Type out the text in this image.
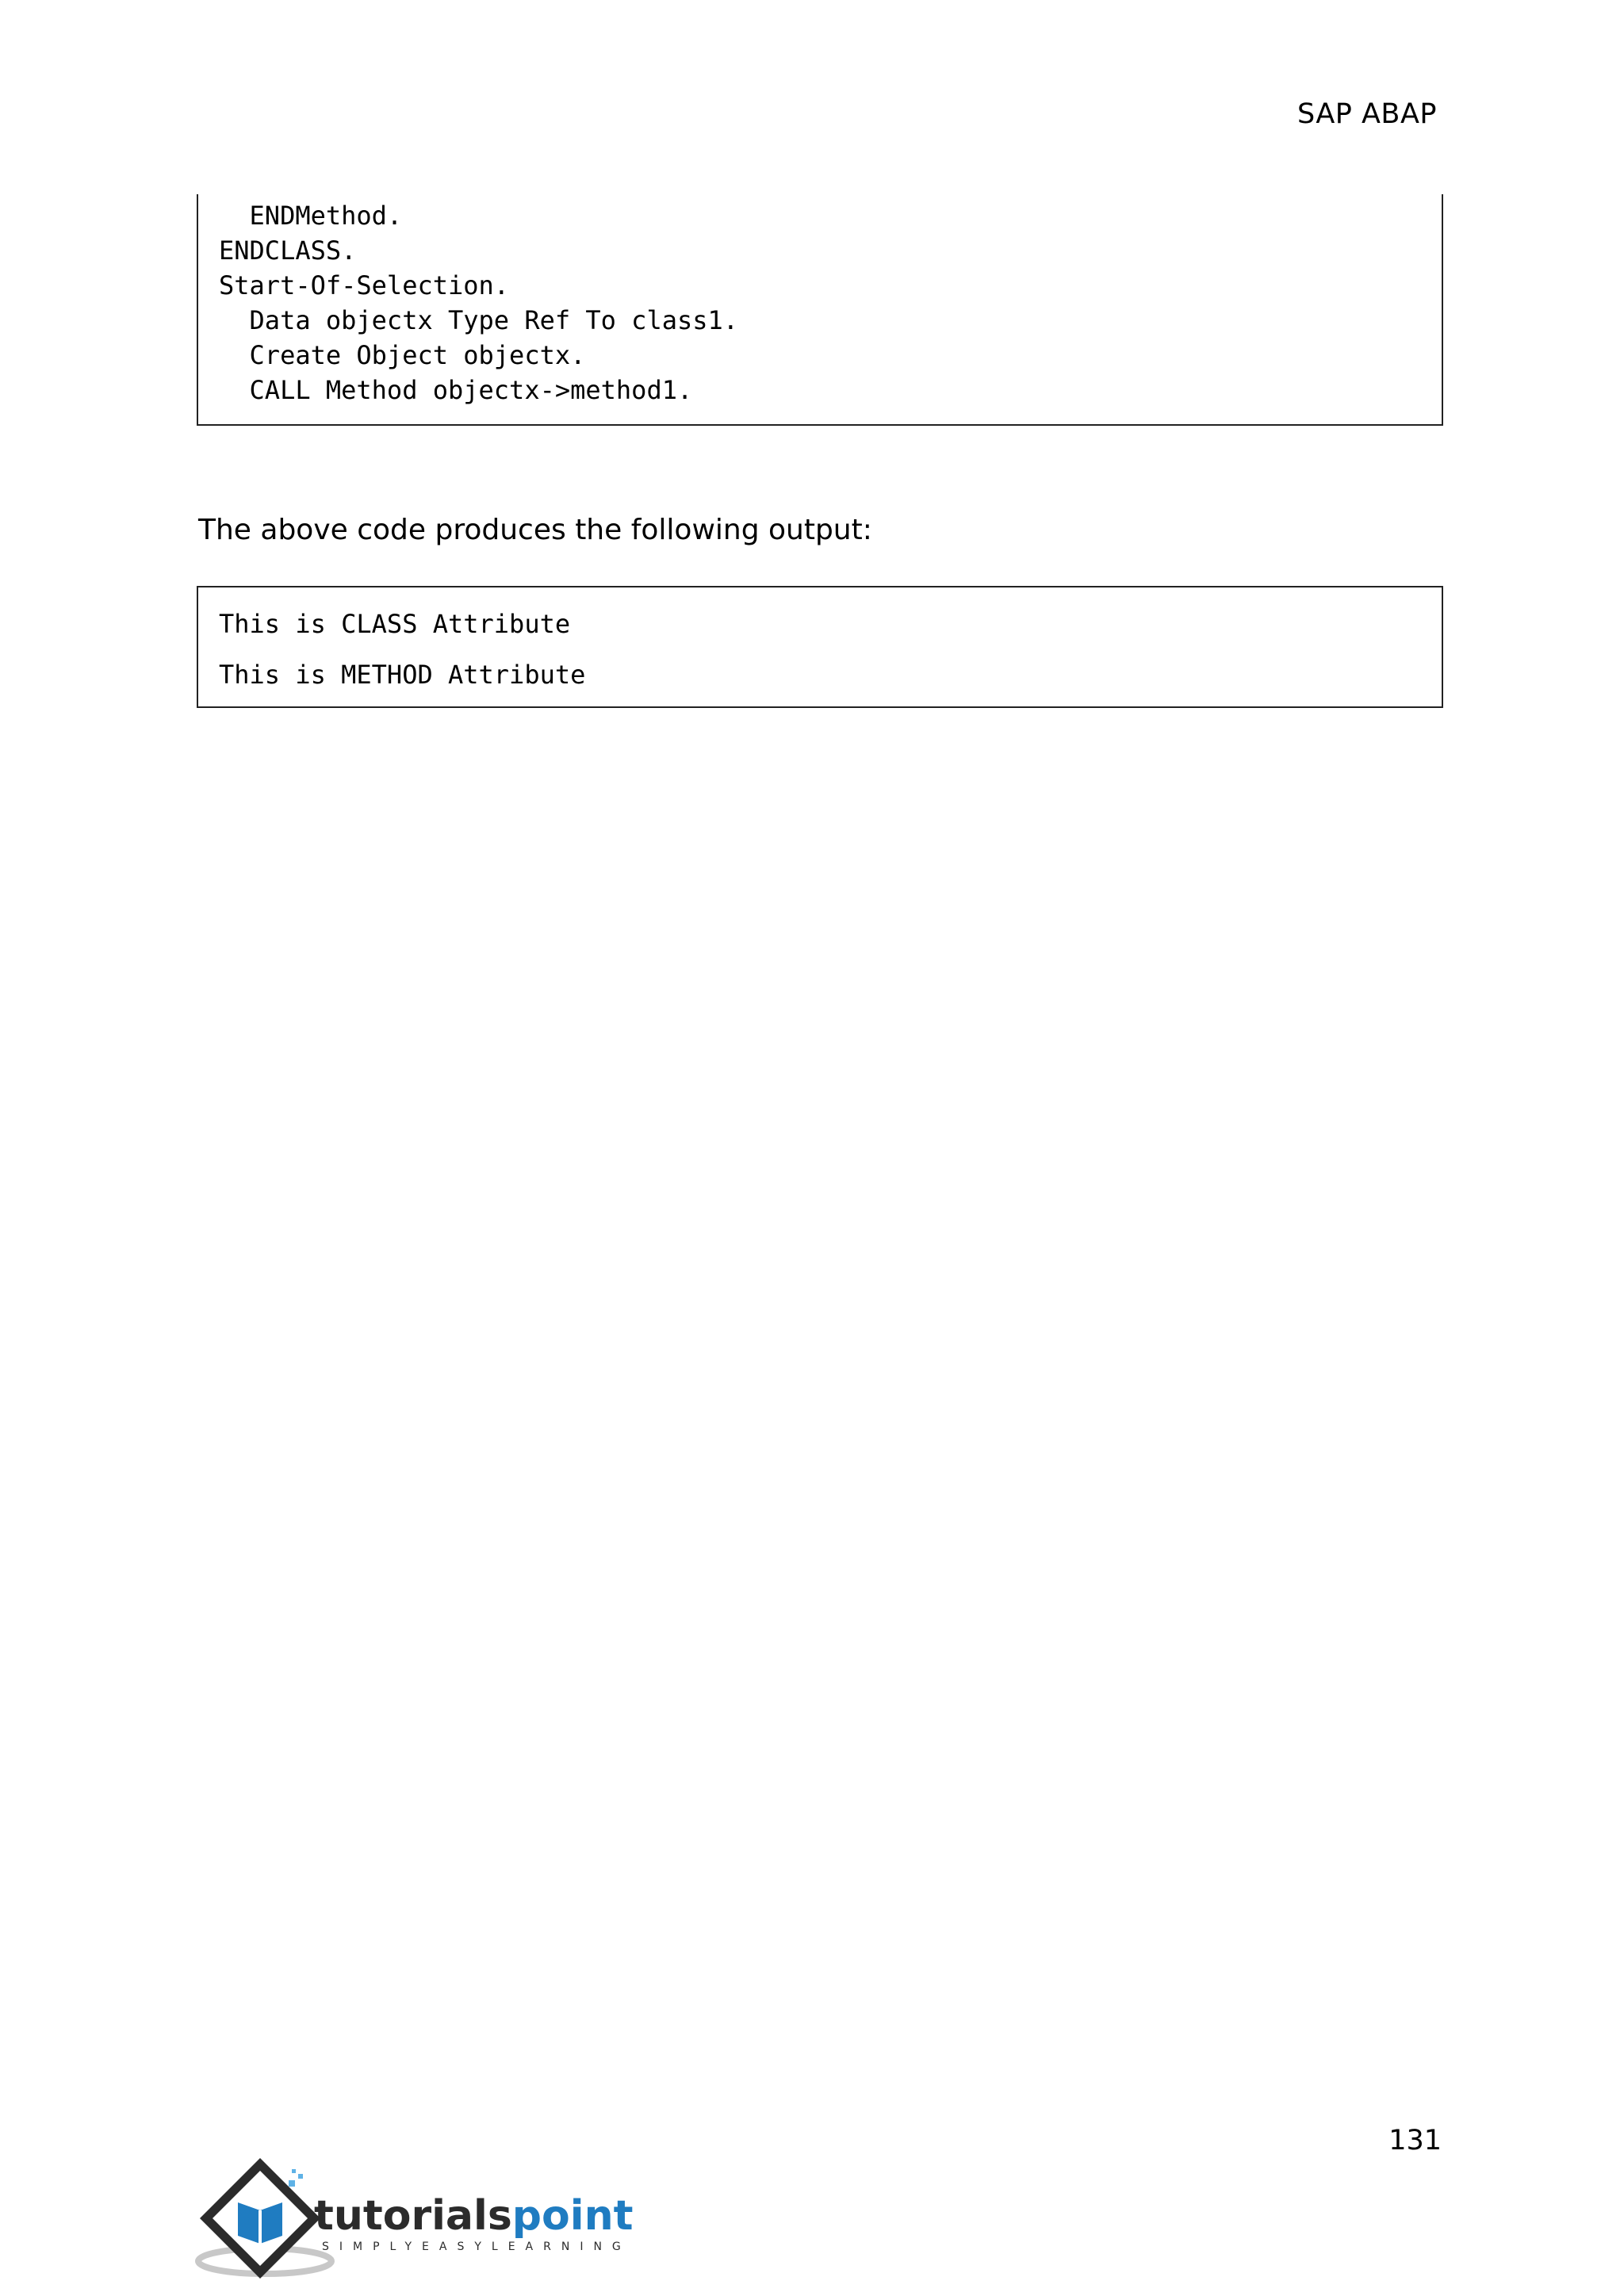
SAP ABAP
ENDMethod.
ENDCLASS.
Start-Of-Selection.
Data objectx Type Ref To class1.
Create Object objectx.
CALL Method objectx->method1.
The above code produces the following output:
This is CLASS Attribute
This is METHOD Attribute
131
tutorialspoint
SIMPLYEASYLEARNING
